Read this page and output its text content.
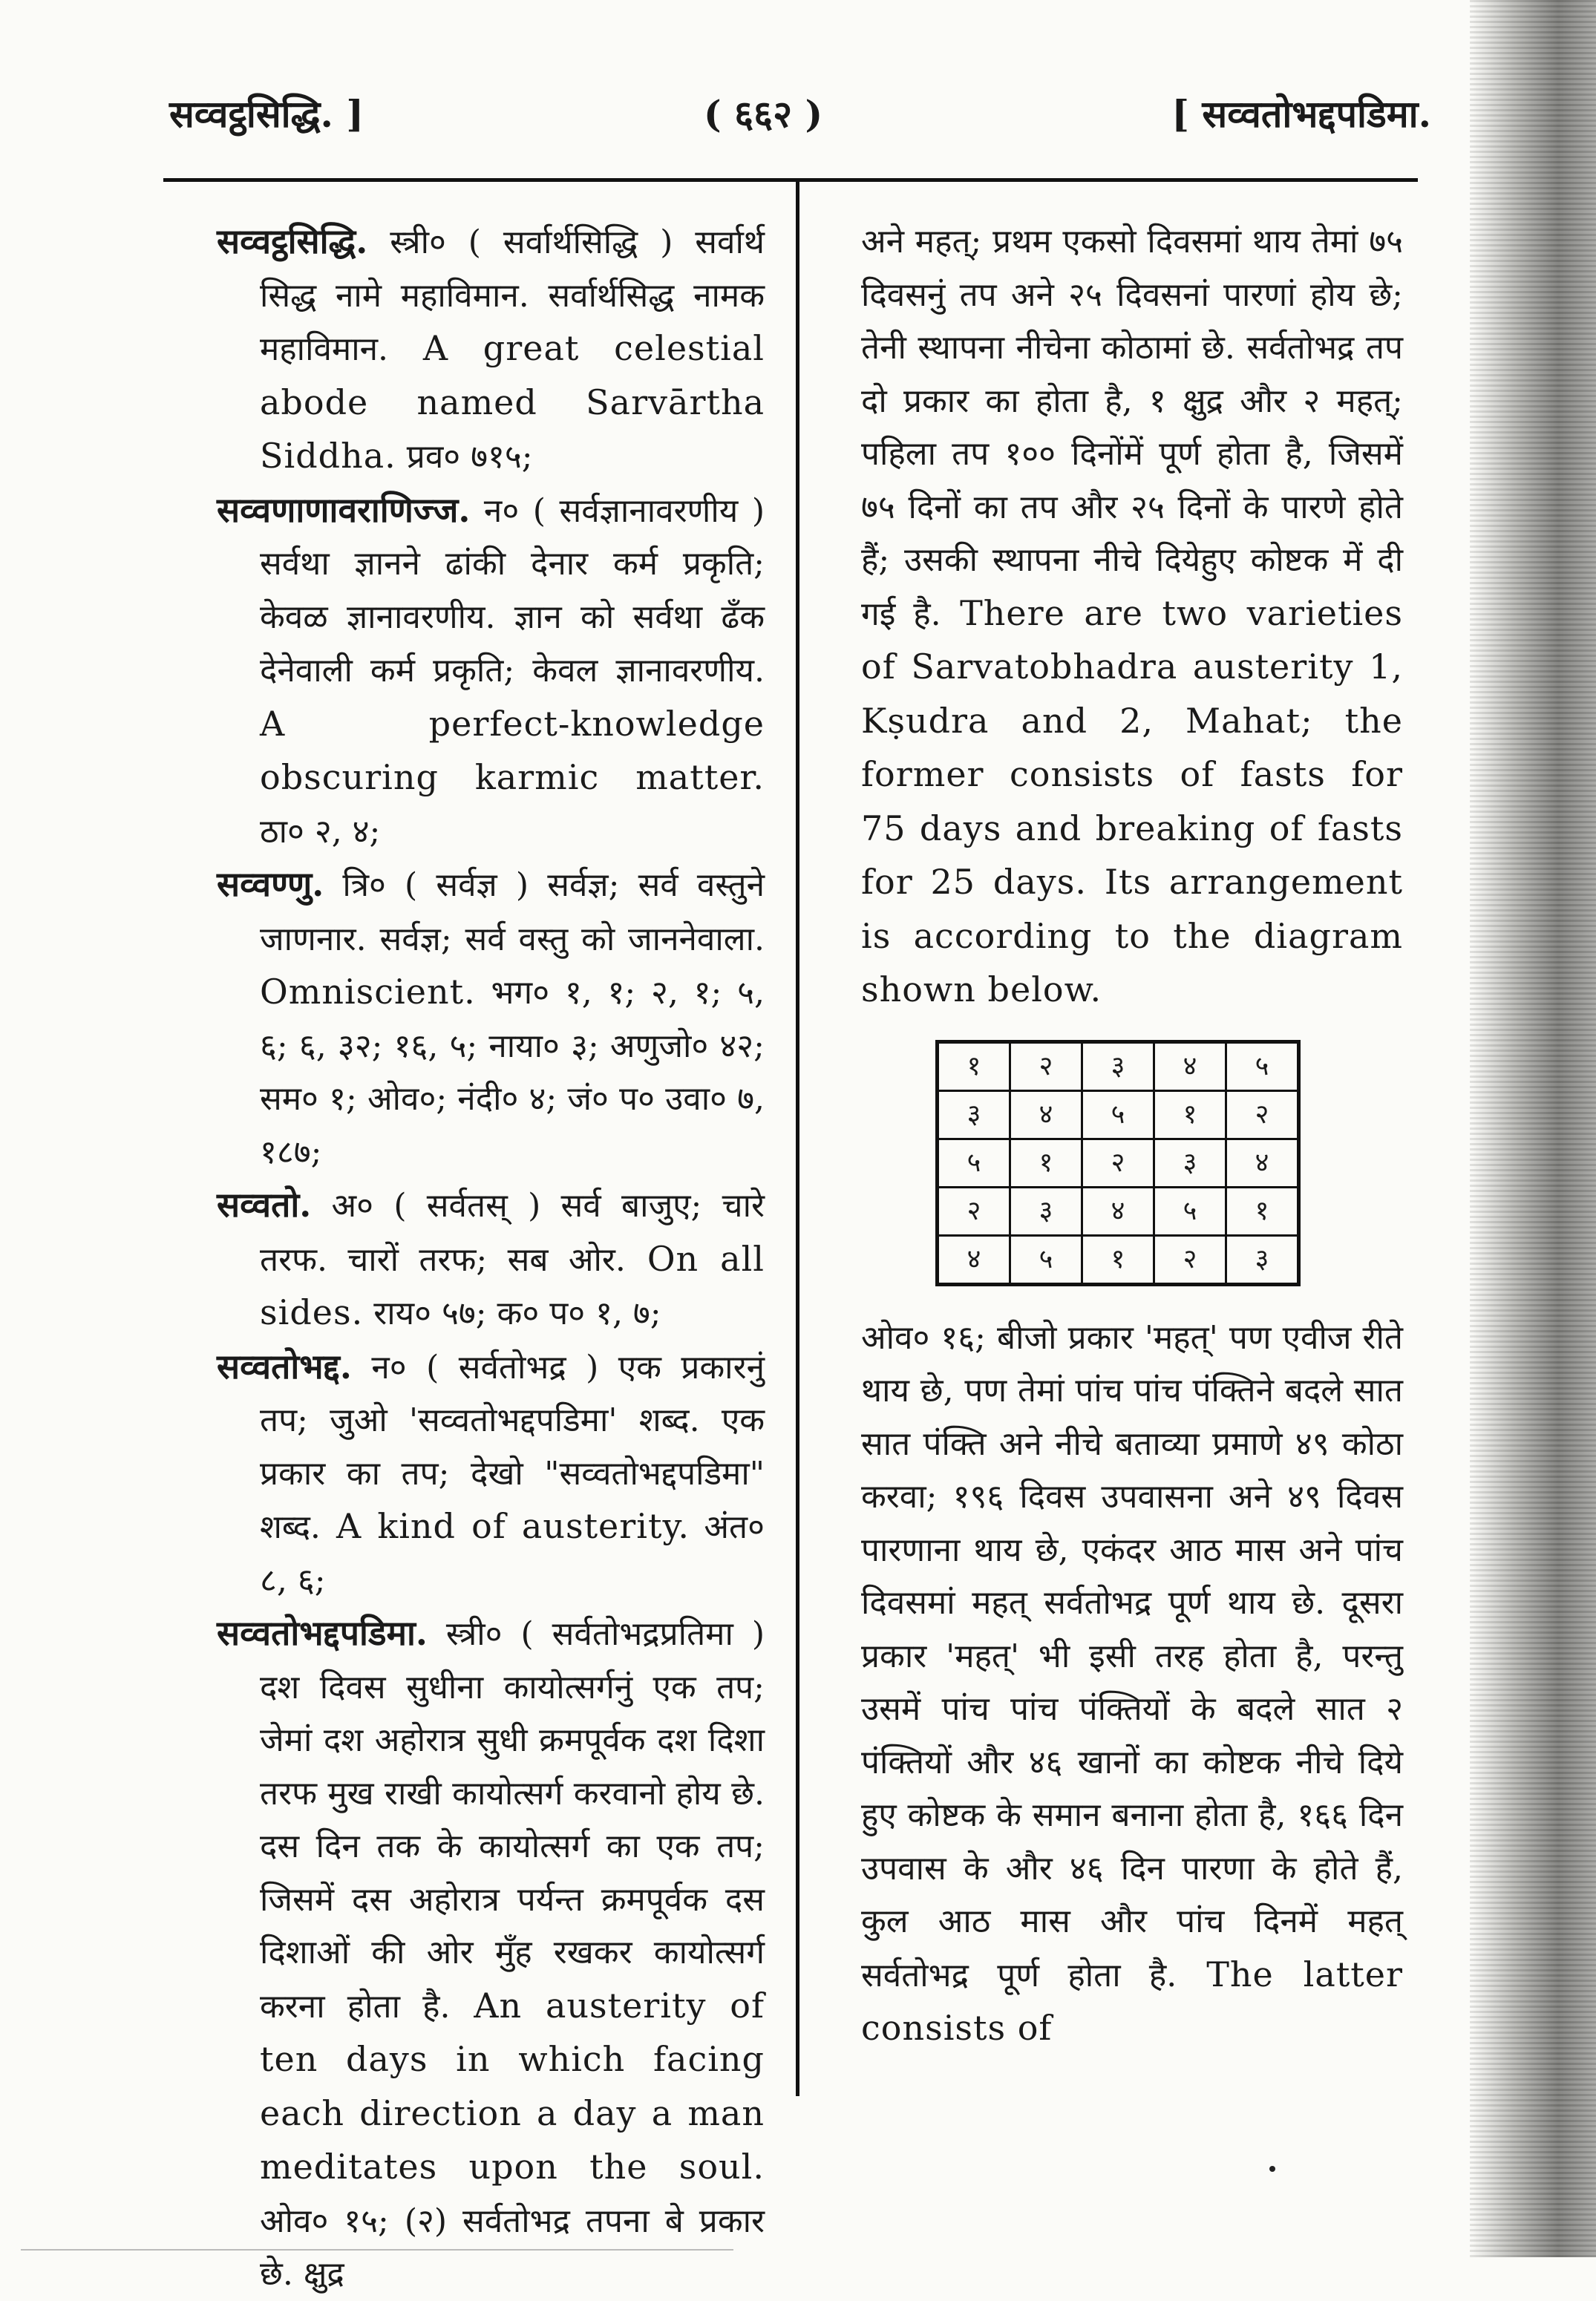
सव्वट्ठसिद्धि. ]	( ६६२ )	[ सव्वतोभद्दपडिमा.

सव्वट्ठसिद्धि. स्त्री० ( सर्वार्थसिद्धि ) सर्वार्थ सिद्ध नामे महाविमान. सर्वार्थसिद्ध नामक महाविमान. A great celestial abode named Sarvārtha Siddha. प्रव० ७१५;

सव्वणाणावराणिज्ज. न० ( सर्वज्ञानावरणीय ) सर्वथा ज्ञानने ढांकी देनार कर्म प्रकृति; केवळ ज्ञानावरणीय. ज्ञान को सर्वथा ढँक देनेवाली कर्म प्रकृति; केवल ज्ञानावरणीय. A perfect-knowledge obscuring karmic matter. ठा० २, ४;

सव्वण्णु. त्रि० ( सर्वज्ञ ) सर्वज्ञ; सर्व वस्तुने जाणनार. सर्वज्ञ; सर्व वस्तु को जाननेवाला. Omniscient. भग० १, १; २, १; ५, ६; ६, ३२; १६, ५; नाया० ३; अणुजो० ४२; सम० १; ओव०; नंदी० ४; जं० प० उवा० ७, १८७;

सव्वतो. अ० ( सर्वतस् ) सर्व बाजुए; चारे तरफ. चारों तरफ; सब ओर. On all sides. राय० ५७; क० प० १, ७;

सव्वतोभद्द. न० ( सर्वतोभद्र ) एक प्रकारनुं तप; जुओ 'सव्वतोभद्दपडिमा' शब्द. एक प्रकार का तप; देखो "सव्वतोभद्दपडिमा" शब्द. A kind of austerity. अंत० ८, ६;

सव्वतोभद्दपडिमा. स्त्री० ( सर्वतोभद्रप्रतिमा ) दश दिवस सुधीना कायोत्सर्गनुं एक तप; जेमां दश अहोरात्र सुधी क्रमपूर्वक दश दिशा तरफ मुख राखी कायोत्सर्ग करवानो होय छे. दस दिन तक के कायोत्सर्ग का एक तप; जिसमें दस अहोरात्र पर्यन्त क्रमपूर्वक दस दिशाओं की ओर मुँह रखकर कायोत्सर्ग करना होता है. An austerity of ten days in which facing each direction a day a man meditates upon the soul. ओव० १५; (२) सर्वतोभद्र तपना बे प्रकार छे. क्षुद्र

अने महत्; प्रथम एकसो दिवसमां थाय तेमां ७५ दिवसनुं तप अने २५ दिवसनां पारणां होय छे; तेनी स्थापना नीचेना कोठामां छे. सर्वतोभद्र तप दो प्रकार का होता है, १ क्षुद्र और २ महत्; पहिला तप १०० दिनोंमें पूर्ण होता है, जिसमें ७५ दिनों का तप और २५ दिनों के पारणे होते हैं; उसकी स्थापना नीचे दियेहुए कोष्टक में दी गई है. There are two varieties of Sarvatobhadra austerity 1, Kṣudra and 2, Mahat; the former consists of fasts for 75 days and breaking of fasts for 25 days. Its arrangement is according to the diagram shown below.

१	२	३	४	५
३	४	५	१	२
५	१	२	३	४
२	३	४	५	१
४	५	१	२	३

ओव० १६; बीजो प्रकार 'महत्' पण एवीज रीते थाय छे, पण तेमां पांच पांच पंक्तिने बदले सात सात पंक्ति अने नीचे बताव्या प्रमाणे ४९ कोठा करवा; १९६ दिवस उपवासना अने ४९ दिवस पारणाना थाय छे, एकंदर आठ मास अने पांच दिवसमां महत् सर्वतोभद्र पूर्ण थाय छे. दूसरा प्रकार 'महत्' भी इसी तरह होता है, परन्तु उसमें पांच पांच पंक्तियों के बदले सात २ पंक्तियों और ४६ खानों का कोष्टक नीचे दिये हुए कोष्टक के समान बनाना होता है, १६६ दिन उपवास के और ४६ दिन पारणा के होते हैं, कुल आठ मास और पांच दिनमें महत् सर्वतोभद्र पूर्ण होता है. The latter consists of
